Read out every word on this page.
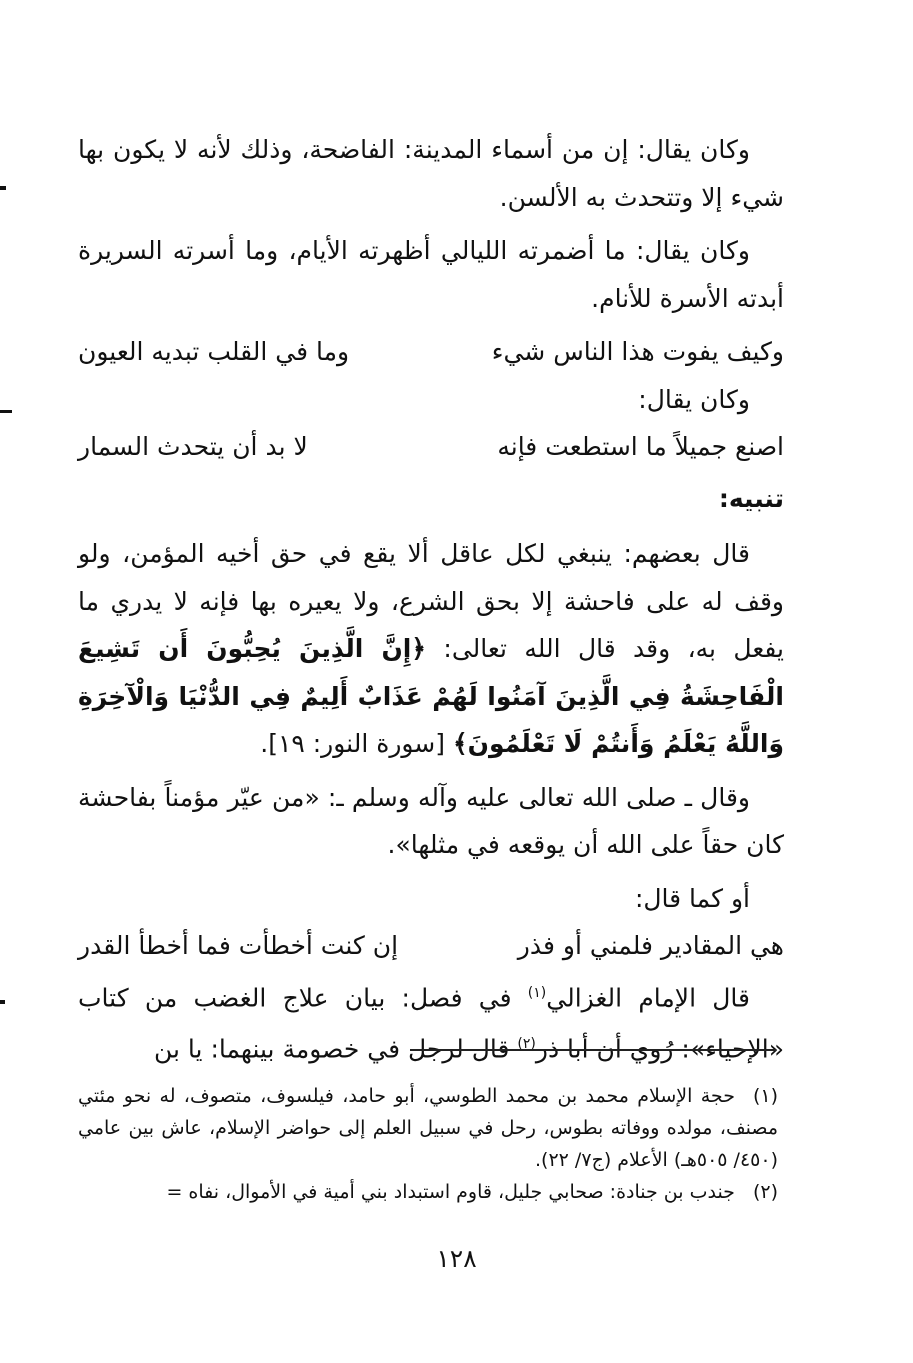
وكان يقال: إن من أسماء المدينة: الفاضحة، وذلك لأنه لا يكون بها شيء إلا وتتحدث به الألسن.

وكان يقال: ما أضمرته الليالي أظهرته الأيام، وما أسرته السريرة أبدته الأسرة للأنام.

وكيف يفوت هذا الناس شيء
وما في القلب تبديه العيون

وكان يقال:

اصنع جميلاً ما استطعت فإنه
لا بد أن يتحدث السمار

تنبيه:

قال بعضهم: ينبغي لكل عاقل ألا يقع في حق أخيه المؤمن، ولو وقف له على فاحشة إلا بحق الشرع، ولا يعيره بها فإنه لا يدري ما يفعل به، وقد قال الله تعالى: ﴿إِنَّ الَّذِينَ يُحِبُّونَ أَن تَشِيعَ الْفَاحِشَةُ فِي الَّذِينَ آمَنُوا لَهُمْ عَذَابٌ أَلِيمٌ فِي الدُّنْيَا وَالْآخِرَةِ وَاللَّهُ يَعْلَمُ وَأَنتُمْ لَا تَعْلَمُونَ﴾ [سورة النور: ١٩].

وقال ـ صلى الله تعالى عليه وآله وسلم ـ: «من عيّر مؤمناً بفاحشة كان حقاً على الله أن يوقعه في مثلها».

أو كما قال:

هي المقادير فلمني أو فذر
إن كنت أخطأت فما أخطأ القدر

قال الإمام الغزالي$^{(١)}$ في فصل: بيان علاج الغضب من كتاب «الإحياء»: رُوي أن أبا ذر$^{(٢)}$ قال لرجل في خصومة بينهما: يا بن

(١)حجة الإسلام محمد بن محمد الطوسي، أبو حامد، فيلسوف، متصوف، له نحو مئتي مصنف، مولده ووفاته بطوس، رحل في سبيل العلم إلى حواضر الإسلام، عاش بين عامي (٤٥٠/ ٥٠٥هـ) الأعلام (ج٧/ ٢٢).

(٢)جندب بن جنادة: صحابي جليل، قاوم استبداد بني أمية في الأموال، نفاه =

١٢٨
